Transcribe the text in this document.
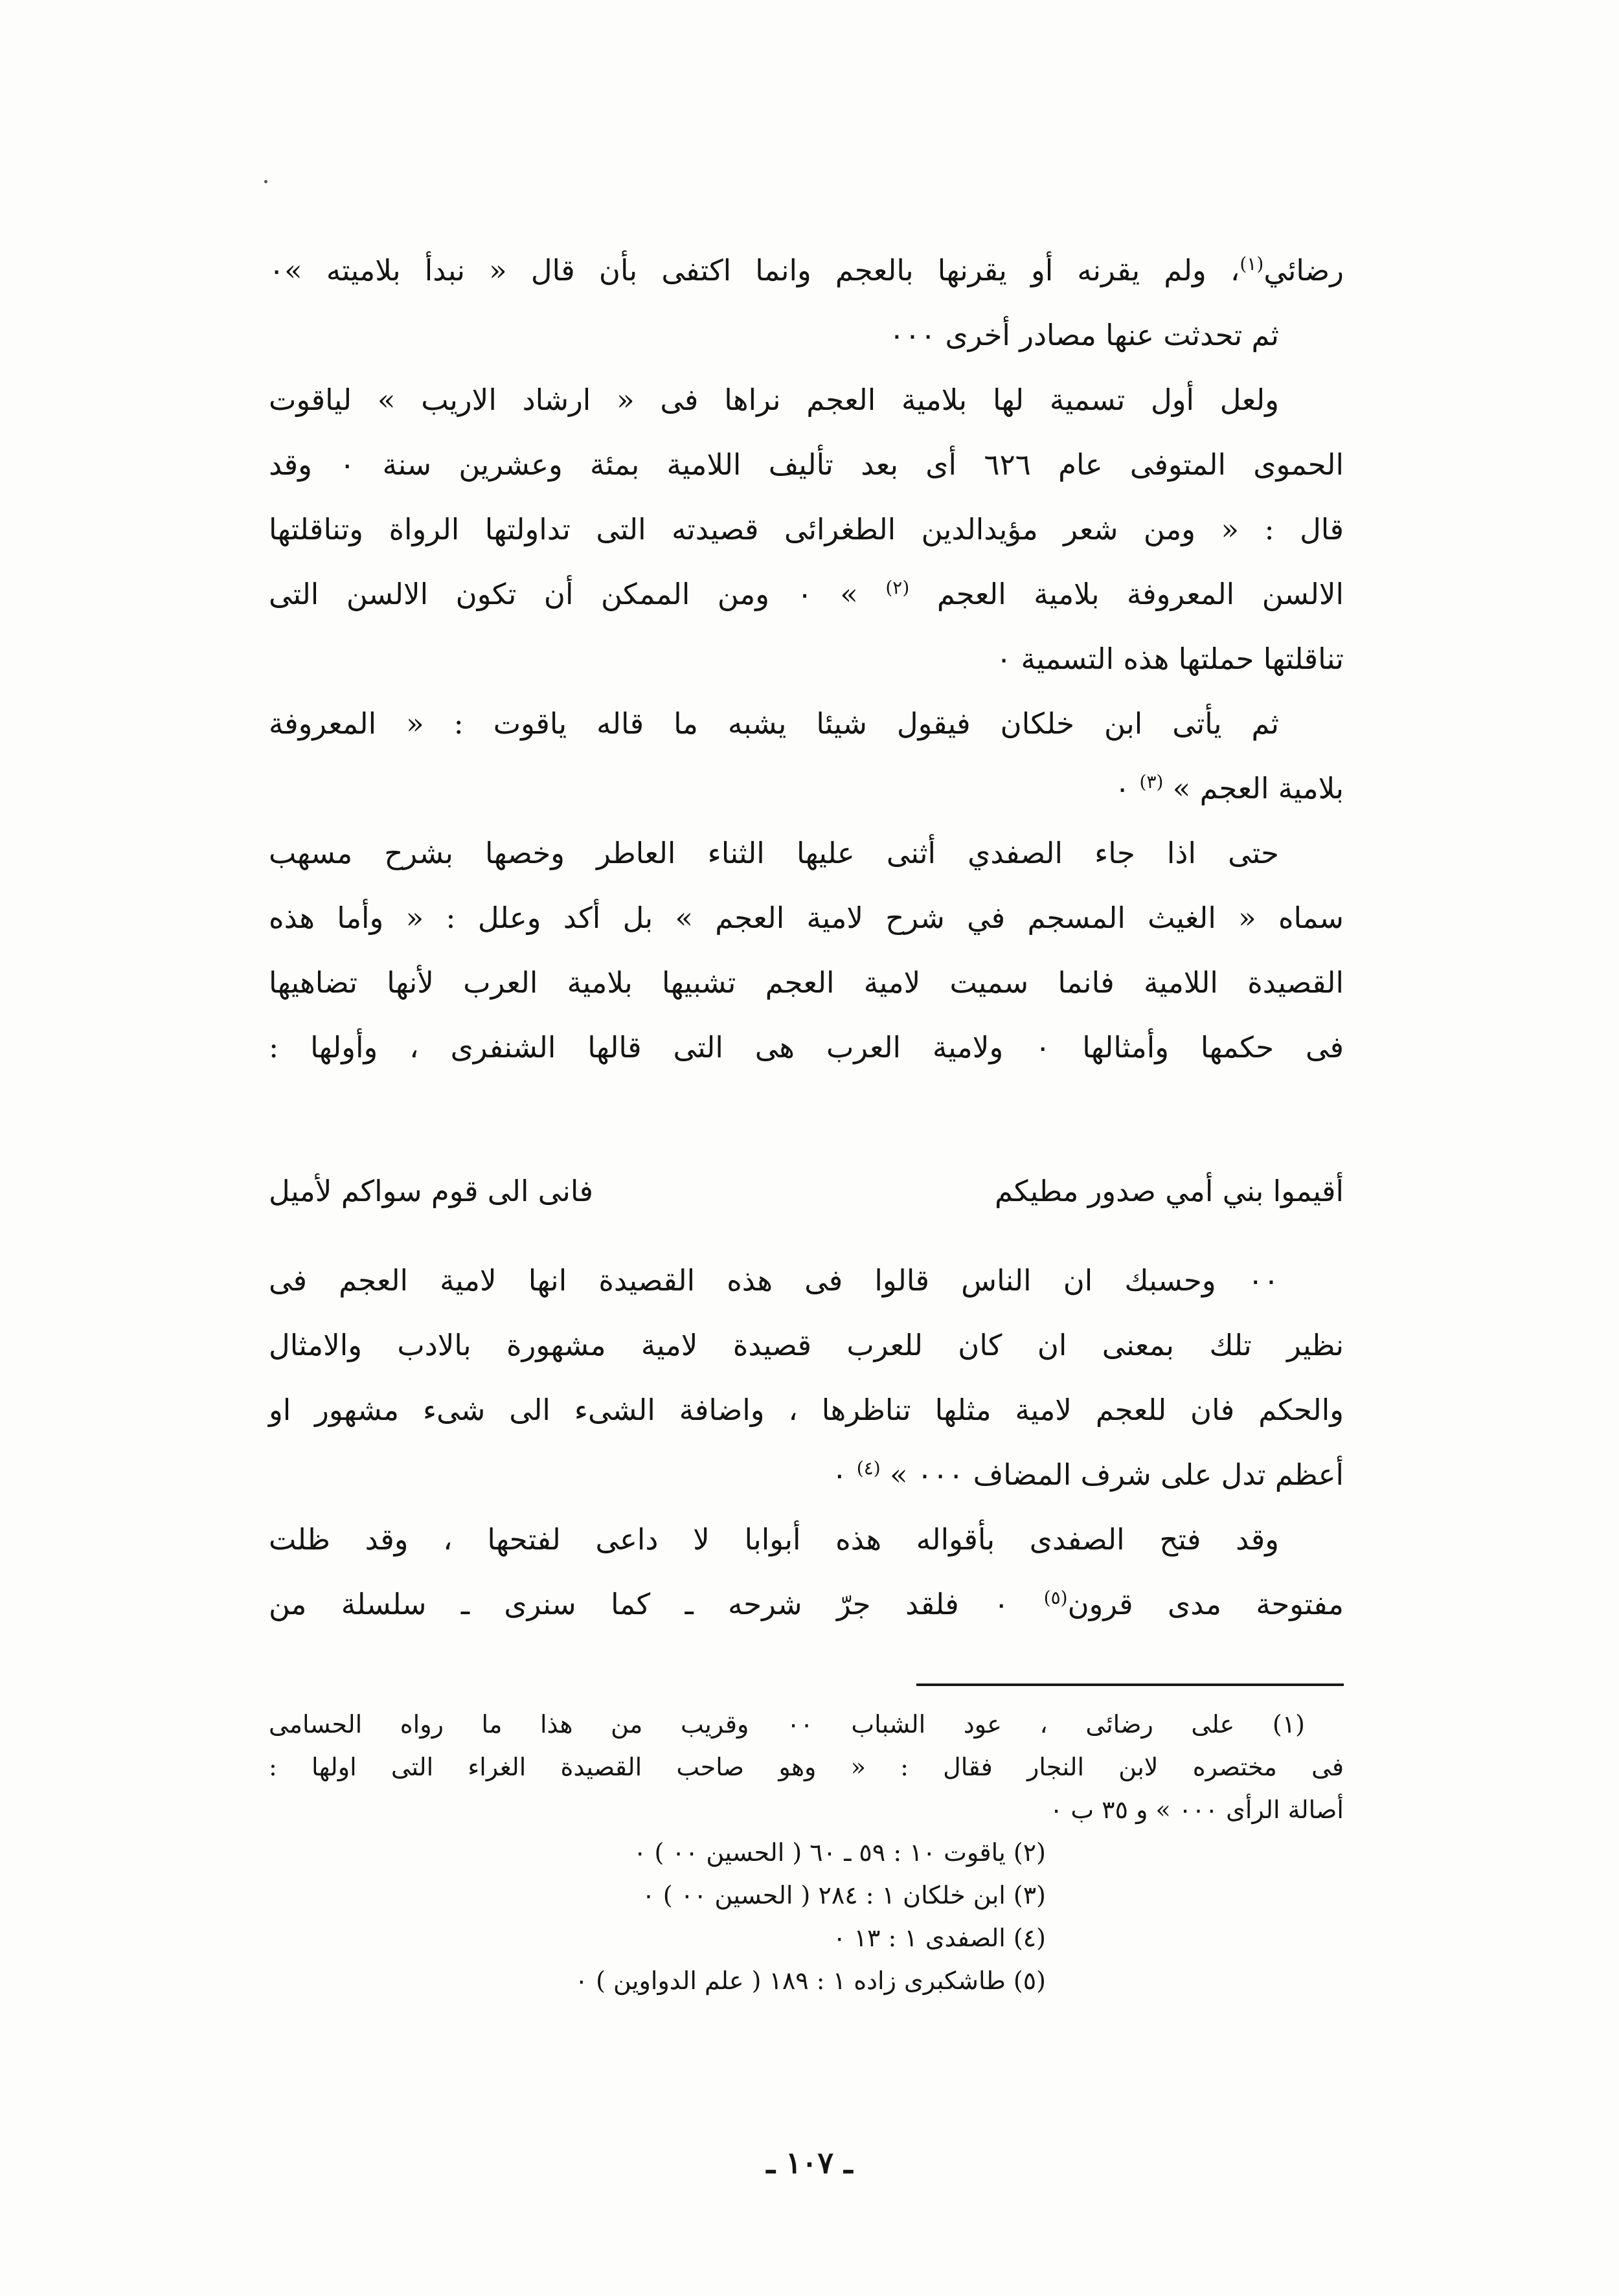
رضائي$^{(١)}$، ولم يقرنه أو يقرنها بالعجم وانما اكتفى بأن قال « نبدأ بلاميته »٠
ثم تحدثت عنها مصادر أخرى ٠٠٠
ولعل أول تسمية لها بلامية العجم نراها فى « ارشاد الاريب » لياقوت
الحموى المتوفى عام ٦٢٦ أى بعد تأليف اللامية بمئة وعشرين سنة ٠ وقد
قال : « ومن شعر مؤيدالدين الطغرائى قصيدته التى تداولتها الرواة وتناقلتها
الالسن المعروفة بلامية العجم $^{(٢)}$ » ٠ ومن الممكن أن تكون الالسن التى
تناقلتها حملتها هذه التسمية ٠
ثم يأتى ابن خلكان فيقول شيئا يشبه ما قاله ياقوت : « المعروفة
بلامية العجم » $^{(٣)}$ ٠
حتى اذا جاء الصفدي أثنى عليها الثناء العاطر وخصها بشرح مسهب
سماه « الغيث المسجم في شرح لامية العجم » بل أكد وعلل : « وأما هذه
القصيدة اللامية فانما سميت لامية العجم تشبيها بلامية العرب لأنها تضاهيها
فى حكمها وأمثالها ٠ ولامية العرب هى التى قالها الشنفرى ، وأولها :
أقيموا بني أمي صدور مطيكم
فانى الى قوم سواكم لأميل
٠٠ وحسبك ان الناس قالوا فى هذه القصيدة انها لامية العجم فى
نظير تلك بمعنى ان كان للعرب قصيدة لامية مشهورة بالادب والامثال
والحكم فان للعجم لامية مثلها تناظرها ، واضافة الشىء الى شىء مشهور او
أعظم تدل على شرف المضاف ٠٠٠ » $^{(٤)}$ ٠
وقد فتح الصفدى بأقواله هذه أبوابا لا داعى لفتحها ، وقد ظلت
مفتوحة مدى قرون$^{(٥)}$ ٠ فلقد جرّ شرحه ـ كما سنرى ـ سلسلة من
(١) على رضائى ، عود الشباب ٠٠ وقريب من هذا ما رواه الحسامى
فى مختصره لابن النجار فقال : « وهو صاحب القصيدة الغراء التى اولها :
أصالة الرأى ٠٠٠ » و ٣٥ ب ٠
(٢) ياقوت ١٠ : ٥٩ ـ ٦٠ ( الحسين ٠٠ ) ٠
(٣) ابن خلكان ١ : ٢٨٤ ( الحسين ٠٠ ) ٠
(٤) الصفدى ١ : ١٣ ٠
(٥) طاشكبرى زاده ١ : ١٨٩ ( علم الدواوين ) ٠
ـ ١٠٧ ـ
